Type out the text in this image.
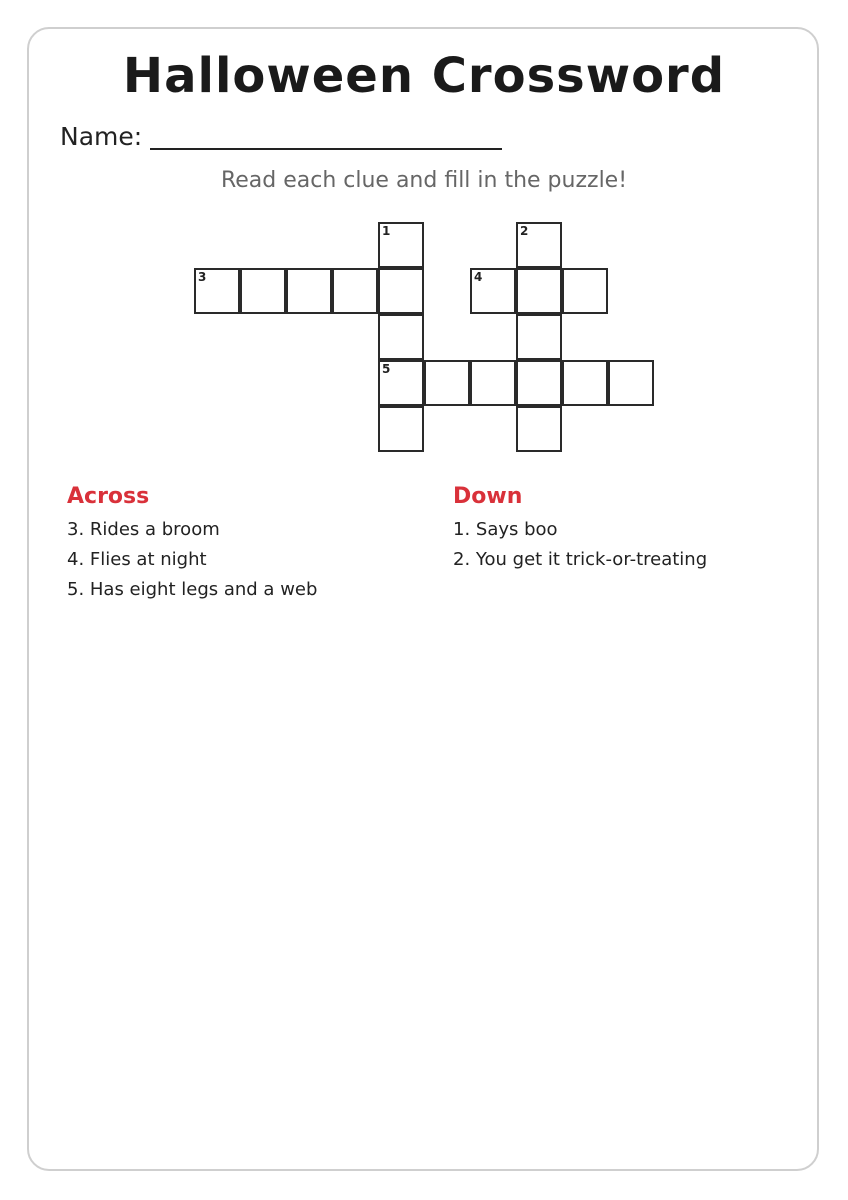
Halloween Crossword
Name:
Read each clue and fill in the puzzle!
1
5
3
2
4
Across
3. Rides a broom
4. Flies at night
5. Has eight legs and a web
Down
1. Says boo
2. You get it trick-or-treating
